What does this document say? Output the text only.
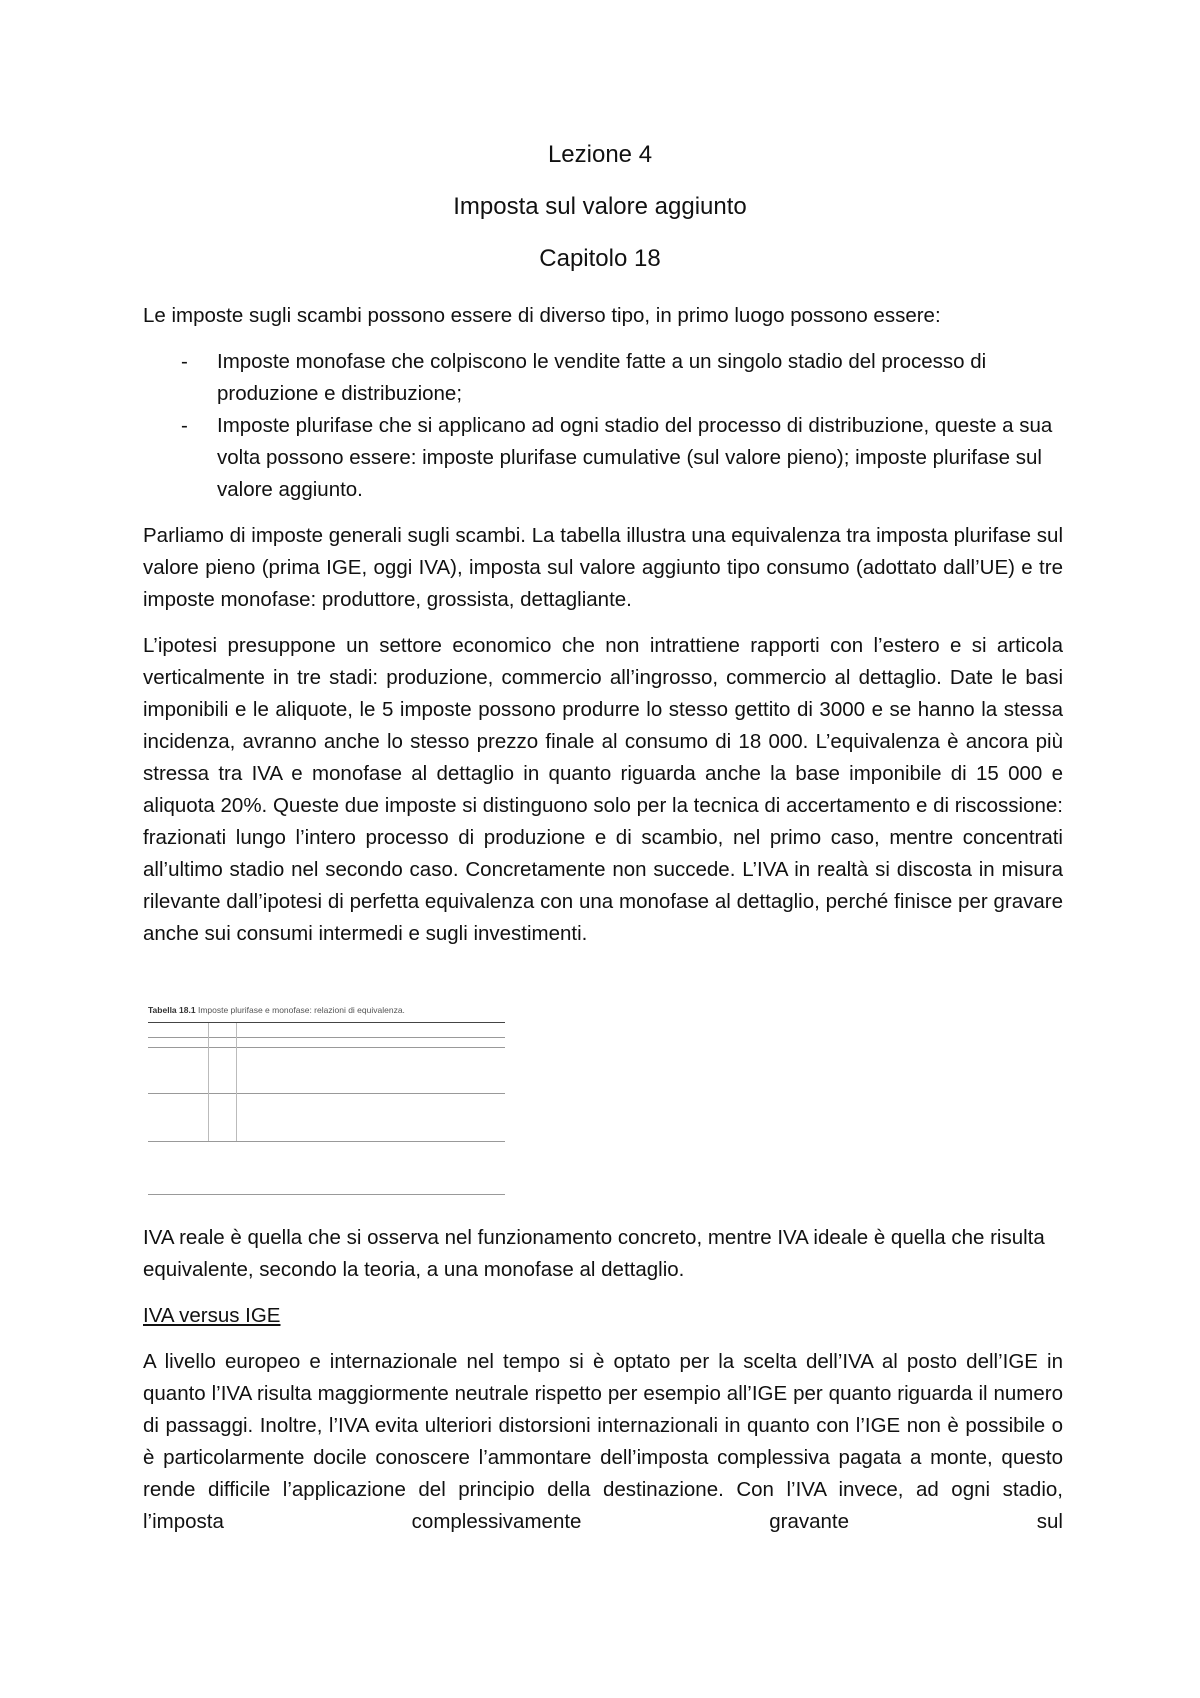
Lezione 4
Imposta sul valore aggiunto
Capitolo 18

Le imposte sugli scambi possono essere di diverso tipo, in primo luogo possono essere:

- Imposte monofase che colpiscono le vendite fatte a un singolo stadio del processo di produzione e distribuzione;
- Imposte plurifase che si applicano ad ogni stadio del processo di distribuzione, queste a sua volta possono essere: imposte plurifase cumulative (sul valore pieno); imposte plurifase sul valore aggiunto.

Parliamo di imposte generali sugli scambi. La tabella illustra una equivalenza tra imposta plurifase sul valore pieno (prima IGE, oggi IVA), imposta sul valore aggiunto tipo consumo (adottato dall’UE) e tre imposte monofase: produttore, grossista, dettagliante.

L’ipotesi presuppone un settore economico che non intrattiene rapporti con l’estero e si articola verticalmente in tre stadi: produzione, commercio all’ingrosso, commercio al dettaglio. Date le basi imponibili e le aliquote, le 5 imposte possono produrre lo stesso gettito di 3000 e se hanno la stessa incidenza, avranno anche lo stesso prezzo finale al consumo di 18 000. L’equivalenza è ancora più stressa tra IVA e monofase al dettaglio in quanto riguarda anche la base imponibile di 15 000 e aliquota 20%. Queste due imposte si distinguono solo per la tecnica di accertamento e di riscossione: frazionati lungo l’intero processo di produzione e di scambio, nel primo caso, mentre concentrati all’ultimo stadio nel secondo caso. Concretamente non succede. L’IVA in realtà si discosta in misura rilevante dall’ipotesi di perfetta equivalenza con una monofase al dettaglio, perché finisce per gravare anche sui consumi intermedi e sugli investimenti.

Tabella 18.1 Imposte plurifase e monofase: relazioni di equivalenza.

IVA reale è quella che si osserva nel funzionamento concreto, mentre IVA ideale è quella che risulta equivalente, secondo la teoria, a una monofase al dettaglio.

IVA versus IGE

A livello europeo e internazionale nel tempo si è optato per la scelta dell’IVA al posto dell’IGE in quanto l’IVA risulta maggiormente neutrale rispetto per esempio all’IGE per quanto riguarda il numero di passaggi. Inoltre, l’IVA evita ulteriori distorsioni internazionali in quanto con l’IGE non è possibile o è particolarmente docile conoscere l’ammontare dell’imposta complessiva pagata a monte, questo rende difficile l’applicazione del principio della destinazione. Con l’IVA invece, ad ogni stadio, l’imposta complessivamente gravante sul
